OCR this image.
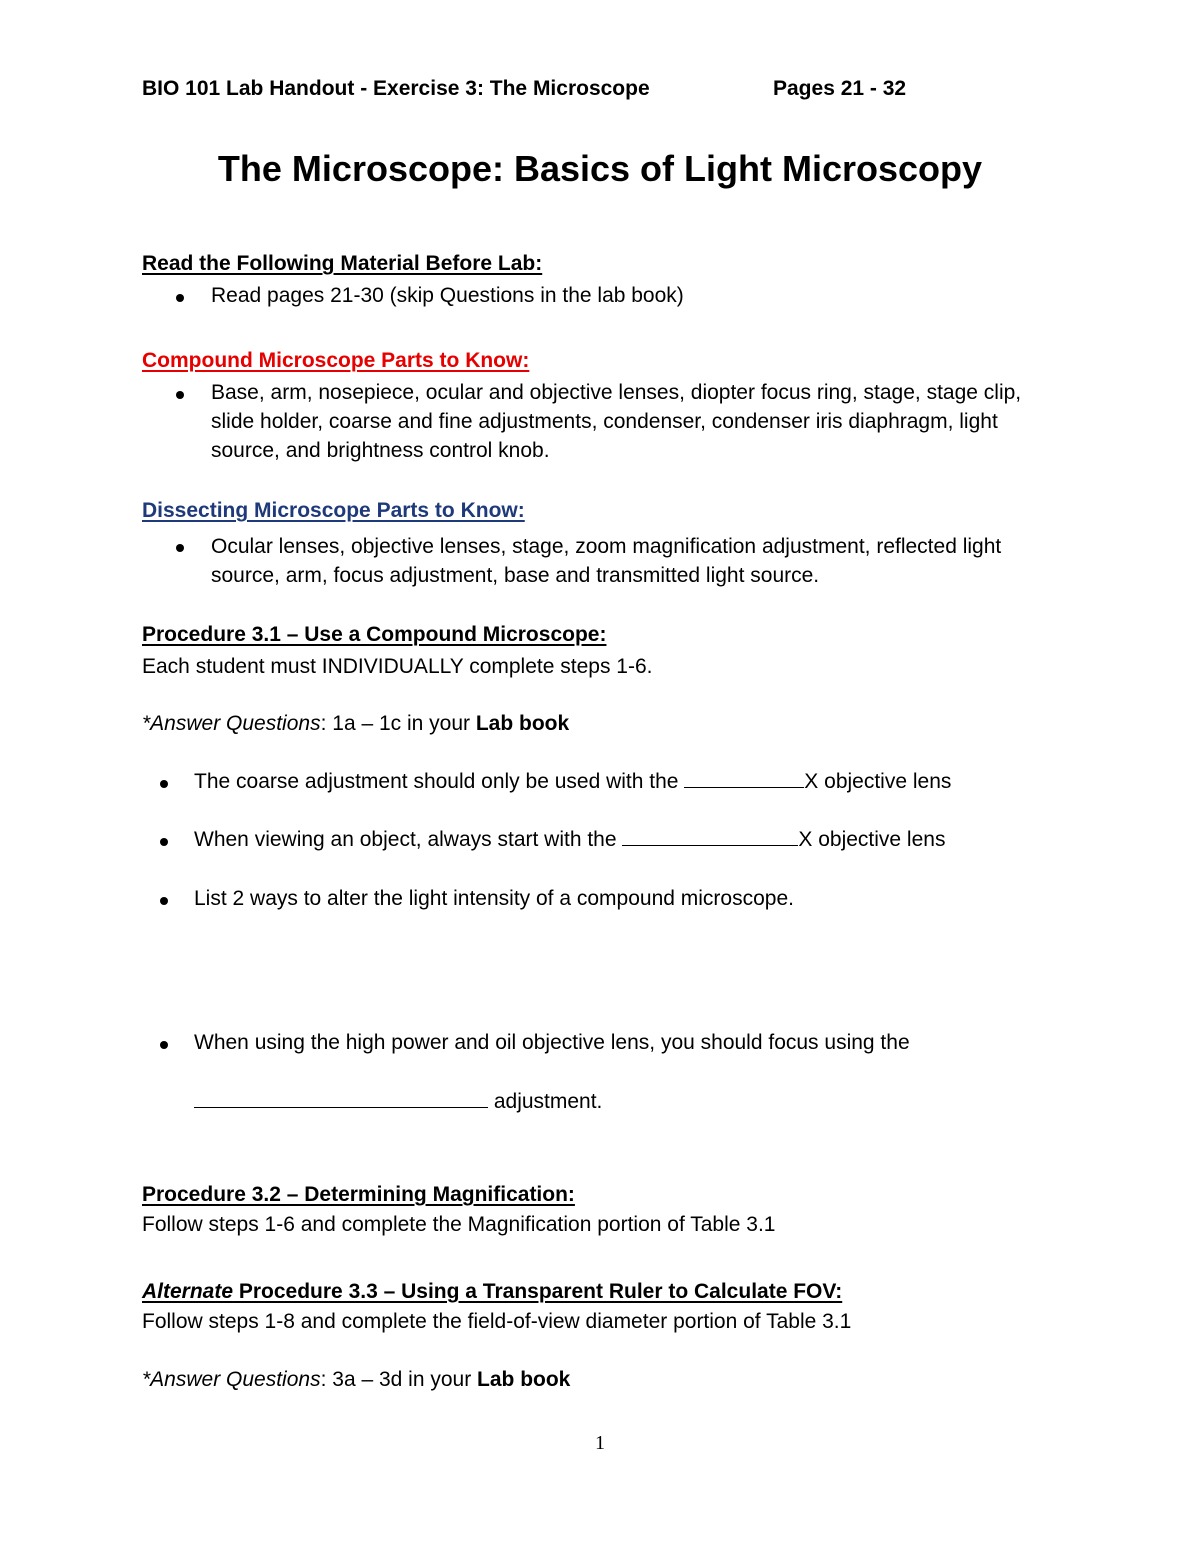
BIO 101 Lab Handout - Exercise 3: The Microscope	Pages 21 - 32
The Microscope: Basics of Light Microscopy
Read the Following Material Before Lab:
Read pages 21-30 (skip Questions in the lab book)
Compound Microscope Parts to Know:
Base, arm, nosepiece, ocular and objective lenses, diopter focus ring, stage, stage clip,
slide holder, coarse and fine adjustments, condenser, condenser iris diaphragm, light
source, and brightness control knob.
Dissecting Microscope Parts to Know:
Ocular lenses, objective lenses, stage, zoom magnification adjustment, reflected light
source, arm, focus adjustment, base and transmitted light source.
Procedure 3.1 – Use a Compound Microscope:
Each student must INDIVIDUALLY complete steps 1-6.
*Answer Questions: 1a – 1c in your Lab book
The coarse adjustment should only be used with the	X objective lens
When viewing an object, always start with the	X objective lens
List 2 ways to alter the light intensity of a compound microscope.
When using the high power and oil objective lens, you should focus using the
adjustment.
Procedure 3.2 – Determining Magnification:
Follow steps 1-6 and complete the Magnification portion of Table 3.1
Alternate Procedure 3.3 – Using a Transparent Ruler to Calculate FOV:
Follow steps 1-8 and complete the field-of-view diameter portion of Table 3.1
*Answer Questions: 3a – 3d in your Lab book
1
